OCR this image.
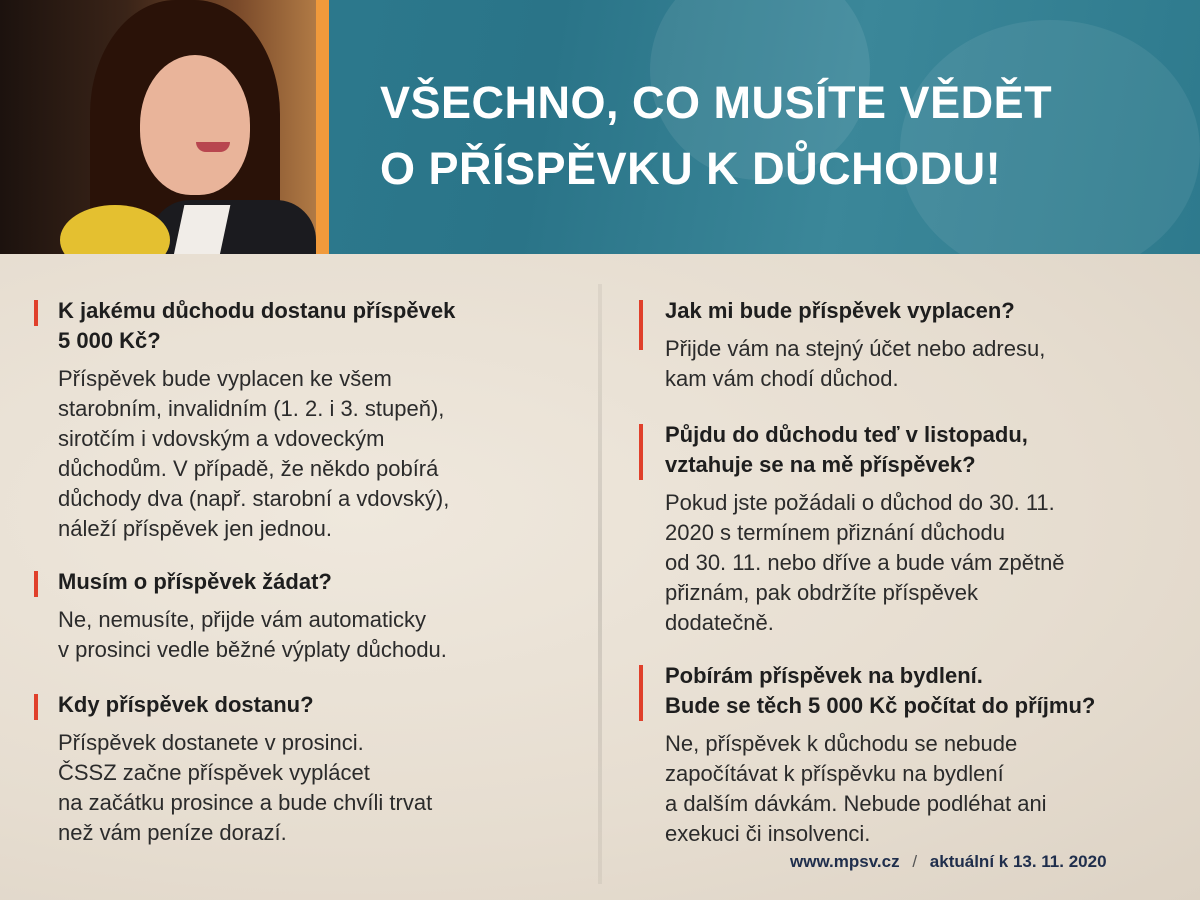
VŠECHNO, CO MUSÍTE VĚDĚT
O PŘÍSPĚVKU K DŮCHODU!
K jakému důchodu dostanu příspěvek
5 000 Kč?
Příspěvek bude vyplacen ke všem
starobním, invalidním (1. 2. i 3. stupeň),
sirotčím i vdovským a vdoveckým
důchodům. V případě, že někdo pobírá
důchody dva (např. starobní a vdovský),
náleží příspěvek jen jednou.
Musím o příspěvek žádat?
Ne, nemusíte, přijde vám automaticky
v prosinci vedle běžné výplaty důchodu.
Kdy příspěvek dostanu?
Příspěvek dostanete v prosinci.
ČSSZ začne příspěvek vyplácet
na začátku prosince a bude chvíli trvat
než vám peníze dorazí.
Jak mi bude příspěvek vyplacen?
Přijde vám na stejný účet nebo adresu,
kam vám chodí důchod.
Půjdu do důchodu teď v listopadu,
vztahuje se na mě příspěvek?
Pokud jste požádali o důchod do 30. 11.
2020 s termínem přiznání důchodu
od 30. 11. nebo dříve a bude vám zpětně
přiznám, pak obdržíte příspěvek
dodatečně.
Pobírám příspěvek na bydlení.
Bude se těch 5 000 Kč počítat do příjmu?
Ne, příspěvek k důchodu se nebude
započítávat k příspěvku na bydlení
a dalším dávkám. Nebude podléhat ani
exekuci či insolvenci.
www.mpsv.cz / aktuální k 13. 11. 2020
